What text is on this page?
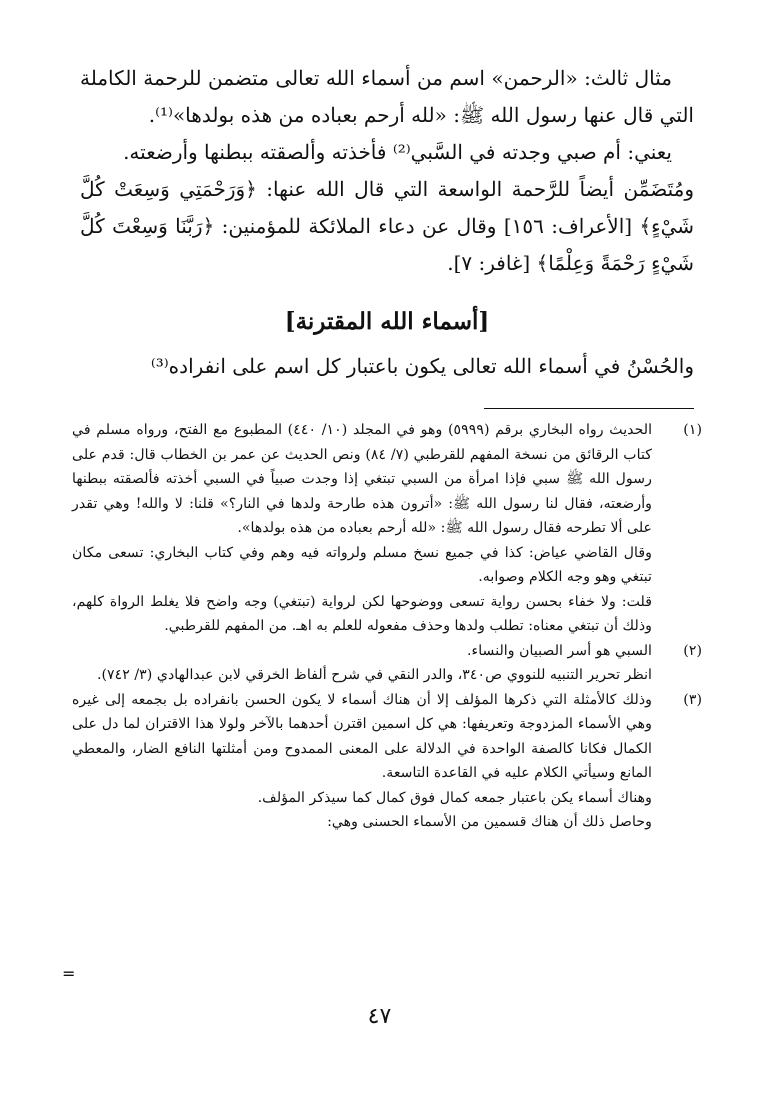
مثال ثالث: «الرحمن» اسم من أسماء الله تعالى متضمن للرحمة الكاملة التي قال عنها رسول الله ﷺ: «لله أرحم بعباده من هذه بولدها»⁽¹⁾.

يعني: أم صبي وجدته في السَّبي⁽²⁾ فأخذته وألصقته ببطنها وأرضعته.

ومُتَضَمِّن أيضاً للرَّحمة الواسعة التي قال الله عنها: ﴿وَرَحْمَتِي وَسِعَتْ كُلَّ شَيْءٍ﴾ [الأعراف: ١٥٦] وقال عن دعاء الملائكة للمؤمنين: ﴿رَبَّنَا وَسِعْتَ كُلَّ شَيْءٍ رَحْمَةً وَعِلْمًا﴾ [غافر: ٧].

[أسماء الله المقترنة]
والحُسْنُ في أسماء الله تعالى يكون باعتبار كل اسم على انفراده⁽³⁾
(١)
الحديث رواه البخاري برقم (٥٩٩٩) وهو في المجلد (١٠/ ٤٤٠) المطبوع مع الفتح، ورواه مسلم في كتاب الرقائق من نسخة المفهم للقرطبي (٧/ ٨٤) ونص الحديث عن عمر بن الخطاب قال: قدم على رسول الله ﷺ سبي فإذا امرأة من السبي تبتغي إذا وجدت صبياً في السبي أخذته فألصقته ببطنها وأرضعته، فقال لنا رسول الله ﷺ: «أترون هذه طارحة ولدها في النار؟» قلنا: لا والله! وهي تقدر على ألا تطرحه فقال رسول الله ﷺ: «لله أرحم بعباده من هذه بولدها».
وقال القاضي عياض: كذا في جميع نسخ مسلم ولرواته فيه وهم وفي كتاب البخاري: تسعى مكان تبتغي وهو وجه الكلام وصوابه.
قلت: ولا خفاء بحسن رواية تسعى ووضوحها لكن لرواية (تبتغي) وجه واضح فلا يغلط الرواة كلهم، وذلك أن تبتغي معناه: تطلب ولدها وحذف مفعوله للعلم به اهـ. من المفهم للقرطبي.
(٢)
السبي هو أسر الصبيان والنساء.
انظر تحرير التنبيه للنووي ص٣٤٠، والدر النقي في شرح ألفاظ الخرقي لابن عبدالهادي (٣/ ٧٤٢).
(٣)
وذلك كالأمثلة التي ذكرها المؤلف إلا أن هناك أسماء لا يكون الحسن بانفراده بل بجمعه إلى غيره وهي الأسماء المزدوجة وتعريفها: هي كل اسمين اقترن أحدهما بالآخر ولولا هذا الاقتران لما دل على الكمال فكانا كالصفة الواحدة في الدلالة على المعنى الممدوح ومن أمثلتها النافع الضار، والمعطي المانع وسيأتي الكلام عليه في القاعدة التاسعة.
وهناك أسماء يكن باعتبار جمعه كمال فوق كمال كما سيذكر المؤلف.
وحاصل ذلك أن هناك قسمين من الأسماء الحسنى وهي:
=
٤٧
